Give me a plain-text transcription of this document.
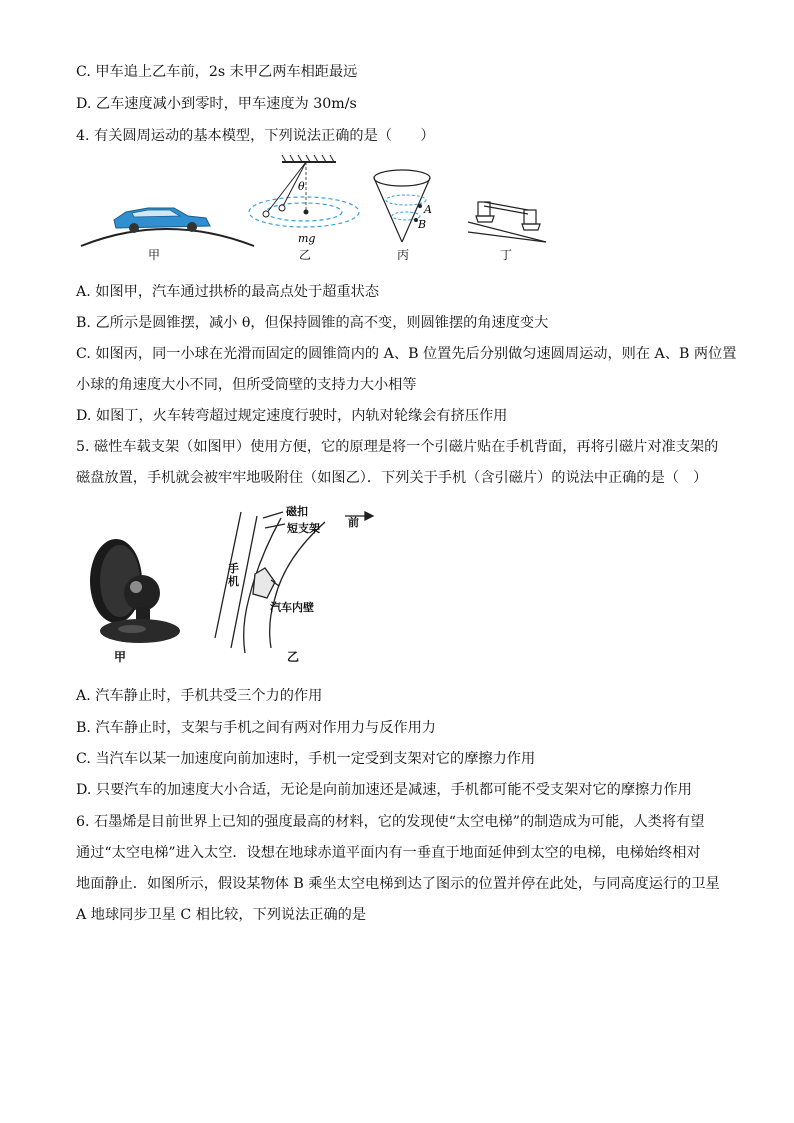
C. 甲车追上乙车前，2s 末甲乙两车相距最远
D. 乙车速度减小到零时，甲车速度为 30m/s
4. 有关圆周运动的基本模型，下列说法正确的是（　　）
θ
mg
A
B
甲	乙	丙	丁
A. 如图甲，汽车通过拱桥的最高点处于超重状态
B. 乙所示是圆锥摆，减小 θ，但保持圆锥的高不变，则圆锥摆的角速度变大
C. 如图丙，同一小球在光滑而固定的圆锥筒内的 A、B 位置先后分别做匀速圆周运动，则在 A、B 两位置
小球的角速度大小不同，但所受筒壁的支持力大小相等
D. 如图丁，火车转弯超过规定速度行驶时，内轨对轮缘会有挤压作用
5. 磁性车载支架（如图甲）使用方便，它的原理是将一个引磁片贴在手机背面，再将引磁片对准支架的
磁盘放置，手机就会被牢牢地吸附住（如图乙）．下列关于手机（含引磁片）的说法中正确的是（　）
甲
磁扣
短支架	前
手机
汽车内壁
乙
A. 汽车静止时，手机共受三个力的作用
B. 汽车静止时，支架与手机之间有两对作用力与反作用力
C. 当汽车以某一加速度向前加速时，手机一定受到支架对它的摩擦力作用
D. 只要汽车的加速度大小合适，无论是向前加速还是减速，手机都可能不受支架对它的摩擦力作用
6. 石墨烯是目前世界上已知的强度最高的材料，它的发现使“太空电梯”的制造成为可能，人类将有望
通过“太空电梯”进入太空．设想在地球赤道平面内有一垂直于地面延伸到太空的电梯，电梯始终相对
地面静止．如图所示，假设某物体 B 乘坐太空电梯到达了图示的位置并停在此处，与同高度运行的卫星
A 地球同步卫星 C 相比较，下列说法正确的是
